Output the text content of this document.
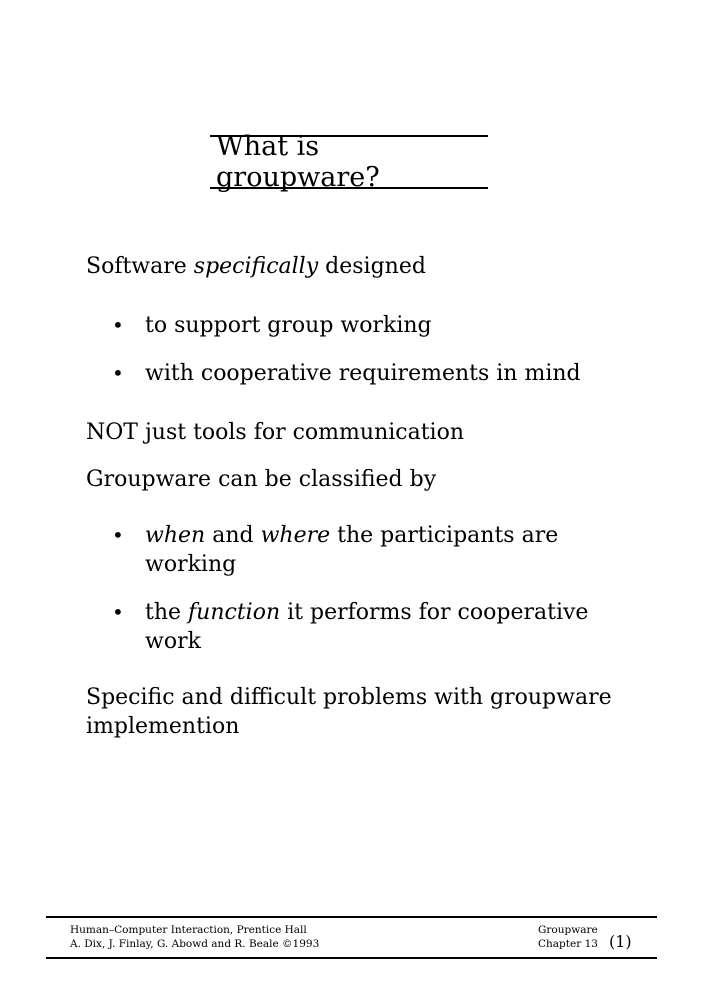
What is groupware?
Software specifically designed
• to support group working
• with cooperative requirements in mind
NOT just tools for communication
Groupware can be classified by
• when and where the participants are
working
• the function it performs for cooperative
work
Specific and difficult problems with groupware
implemention
Human–Computer Interaction, Prentice Hall
A. Dix, J. Finlay, G. Abowd and R. Beale ©1993
Groupware
Chapter 13 (1)
